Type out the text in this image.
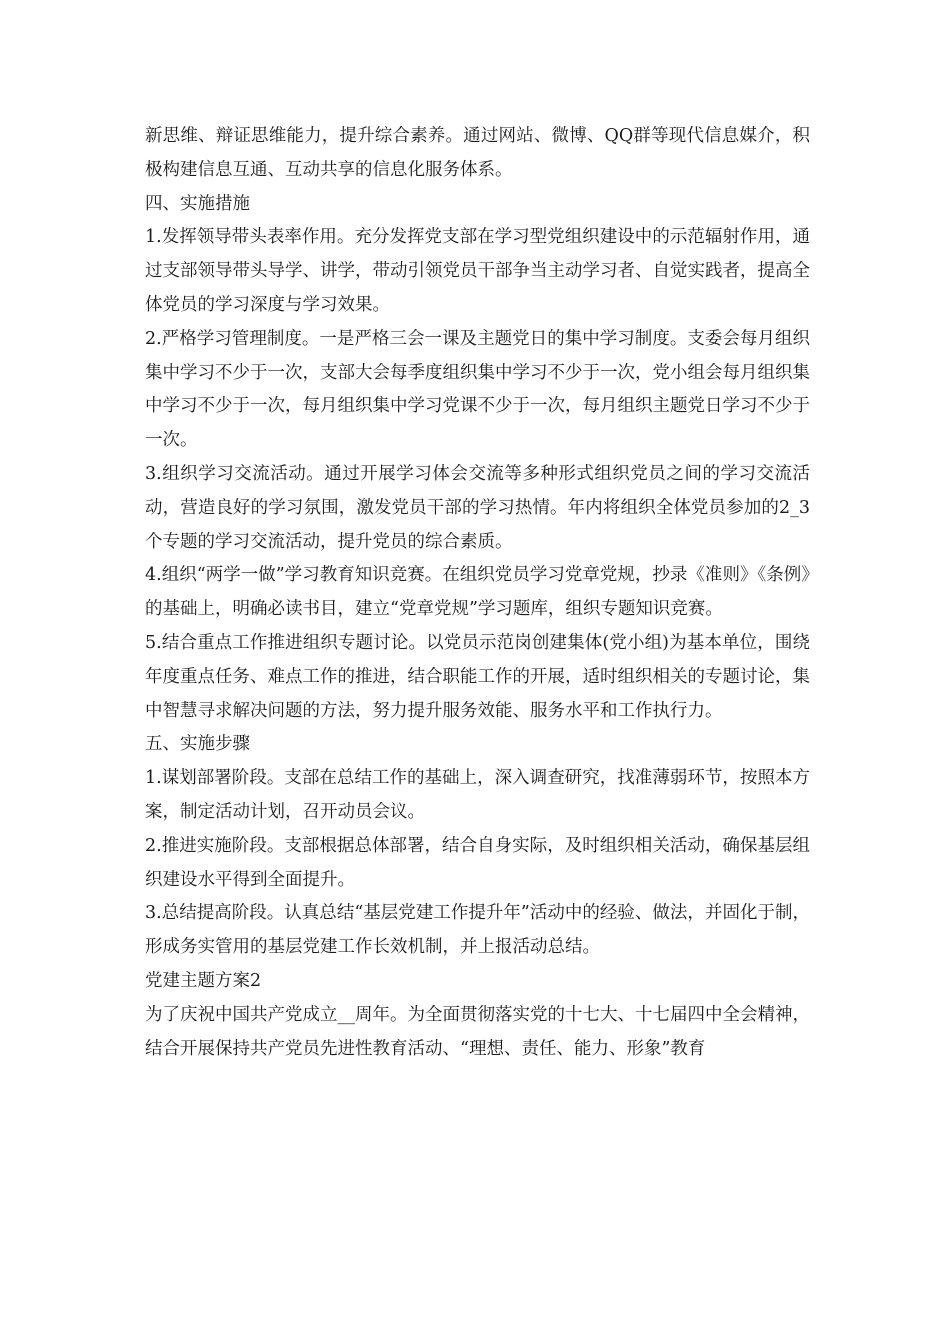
新思维、辩证思维能力，提升综合素养。通过网站、微博、QQ群等现代信息媒介，积极构建信息互通、互动共享的信息化服务体系。

四、实施措施

1.发挥领导带头表率作用。充分发挥党支部在学习型党组织建设中的示范辐射作用，通过支部领导带头导学、讲学，带动引领党员干部争当主动学习者、自觉实践者，提高全体党员的学习深度与学习效果。

2.严格学习管理制度。一是严格三会一课及主题党日的集中学习制度。支委会每月组织集中学习不少于一次，支部大会每季度组织集中学习不少于一次，党小组会每月组织集中学习不少于一次，每月组织集中学习党课不少于一次，每月组织主题党日学习不少于一次。

3.组织学习交流活动。通过开展学习体会交流等多种形式组织党员之间的学习交流活动，营造良好的学习氛围，激发党员干部的学习热情。年内将组织全体党员参加的2_3个专题的学习交流活动，提升党员的综合素质。

4.组织“两学一做”学习教育知识竞赛。在组织党员学习党章党规，抄录《准则》《条例》的基础上，明确必读书目，建立“党章党规”学习题库，组织专题知识竞赛。

5.结合重点工作推进组织专题讨论。以党员示范岗创建集体(党小组)为基本单位，围绕年度重点任务、难点工作的推进，结合职能工作的开展，适时组织相关的专题讨论，集中智慧寻求解决问题的方法，努力提升服务效能、服务水平和工作执行力。

五、实施步骤

1.谋划部署阶段。支部在总结工作的基础上，深入调查研究，找准薄弱环节，按照本方案，制定活动计划，召开动员会议。

2.推进实施阶段。支部根据总体部署，结合自身实际，及时组织相关活动，确保基层组织建设水平得到全面提升。

3.总结提高阶段。认真总结“基层党建工作提升年”活动中的经验、做法，并固化于制，形成务实管用的基层党建工作长效机制，并上报活动总结。

党建主题方案2

为了庆祝中国共产党成立__周年。为全面贯彻落实党的十七大、十七届四中全会精神，结合开展保持共产党员先进性教育活动、“理想、责任、能力、形象”教育
